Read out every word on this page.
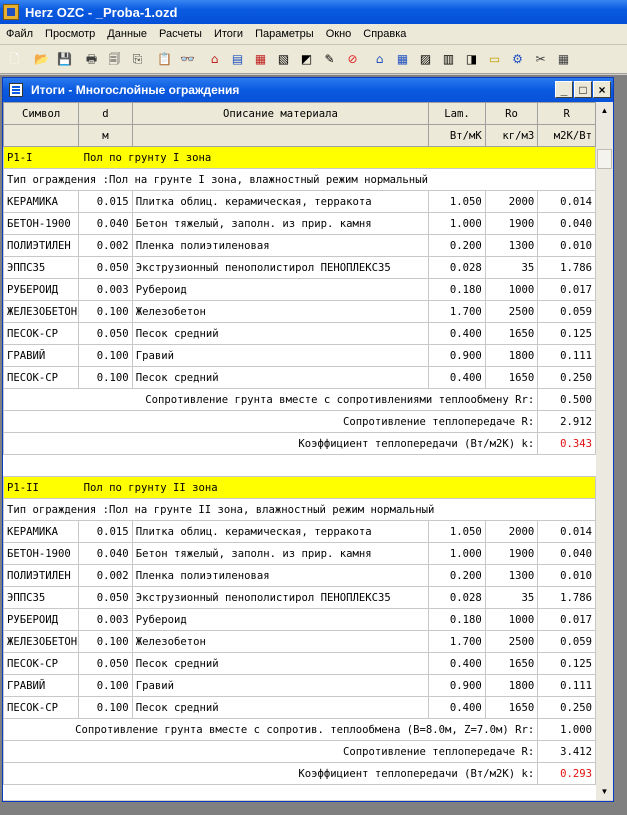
Herz OZC - _Proba-1.ozd
Файл	Просмотр	Данные	Расчеты	Итоги	Параметры	Окно	Справка
🗋 📂 💾 🖶 🗐 ⎘ 📋 👓	⌂	▤ ▦ ▧ ◩ ✎ ⊘	⌂	▦ ▨ ▥ ◨ ▭ ⚙ ✂ ▦
Итоги - Многослойные ограждения	_	□ ×
Символ	d	Описание материала	Lam.	Ro	R
	м		Вт/мК	кг/м3	м2К/Вт
P1-I	Пол по грунту I зона				
Тип ограждения :Пол на грунте I зона, влажностный режим нормальный					
КЕРАМИКА	0.015	Плитка облиц. керамическая, терракота	1.050	2000	0.014
БЕТОН-1900	0.040	Бетон тяжелый, заполн. из прир. камня	1.000	1900	0.040
ПОЛИЭТИЛЕН	0.002	Пленка полиэтиленовая	0.200	1300	0.010
ЭППС35	0.050	Экструзионный пенополистирол ПЕНОПЛЕКС35	0.028	35	1.786
РУБЕРОИД	0.003	Рубероид	0.180	1000	0.017
ЖЕЛЕЗОБЕТОН	0.100	Железобетон	1.700	2500	0.059
ПЕСОК-СР	0.050	Песок средний	0.400	1650	0.125
ГРАВИЙ	0.100	Гравий	0.900	1800	0.111
ПЕСОК-СР	0.100	Песок средний	0.400	1650	0.250
Сопротивление грунта вместе с сопротивлениями теплообмену Rr:					0.500
Сопротивление теплопередаче R:					2.912
Коэффициент теплопередачи (Вт/м2К) k:					0.343

P1-II	Пол по грунту II зона				
Тип ограждения :Пол на грунте II зона, влажностный режим нормальный					
КЕРАМИКА	0.015	Плитка облиц. керамическая, терракота	1.050	2000	0.014
БЕТОН-1900	0.040	Бетон тяжелый, заполн. из прир. камня	1.000	1900	0.040
ПОЛИЭТИЛЕН	0.002	Пленка полиэтиленовая	0.200	1300	0.010
ЭППС35	0.050	Экструзионный пенополистирол ПЕНОПЛЕКС35	0.028	35	1.786
РУБЕРОИД	0.003	Рубероид	0.180	1000	0.017
ЖЕЛЕЗОБЕТОН	0.100	Железобетон	1.700	2500	0.059
ПЕСОК-СР	0.050	Песок средний	0.400	1650	0.125
ГРАВИЙ	0.100	Гравий	0.900	1800	0.111
ПЕСОК-СР	0.100	Песок средний	0.400	1650	0.250
Сопротивление грунта вместе с сопротив. теплообмена (B=8.0м, Z=7.0м) Rr:					1.000
Сопротивление теплопередаче R:					3.412
Коэффициент теплопередачи (Вт/м2К) k:					0.293
▲
▼
